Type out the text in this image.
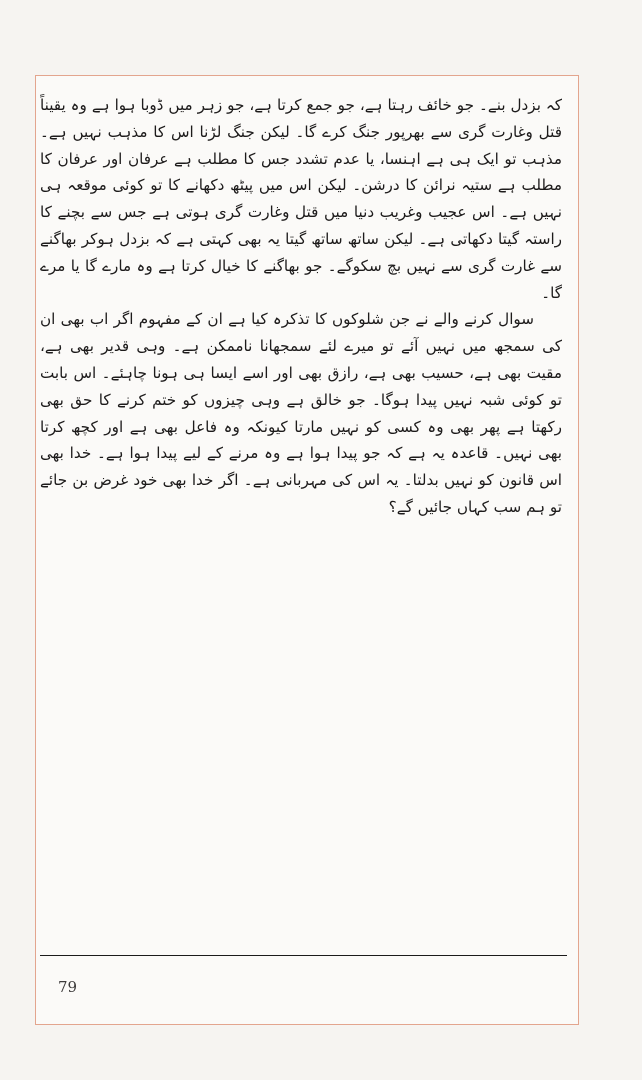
کہ بزدل بنے۔ جو خائف رہتا ہے، جو جمع کرتا ہے، جو زہر میں ڈوبا ہوا ہے وہ یقیناً قتل وغارت گری سے بھرپور جنگ کرے گا۔ لیکن جنگ لڑنا اس کا مذہب نہیں ہے۔ مذہب تو ایک ہی ہے اہنسا، یا عدم تشدد جس کا مطلب ہے عرفان اور عرفان کا مطلب ہے ستیہ نرائن کا درشن۔ لیکن اس میں پیٹھ دکھانے کا تو کوئی موقعہ ہی نہیں ہے۔ اس عجیب وغریب دنیا میں قتل وغارت گری ہوتی ہے جس سے بچنے کا راستہ گیتا دکھاتی ہے۔ لیکن ساتھ ساتھ گیتا یہ بھی کہتی ہے کہ بزدل ہوکر بھاگنے سے غارت گری سے نہیں بچ سکوگے۔ جو بھاگنے کا خیال کرتا ہے وہ مارے گا یا مرے گا۔

سوال کرنے والے نے جن شلوکوں کا تذکرہ کیا ہے ان کے مفہوم اگر اب بھی ان کی سمجھ میں نہیں آئے تو میرے لئے سمجھانا ناممکن ہے۔ وہی قدیر بھی ہے، مقیت بھی ہے، حسیب بھی ہے، رازق بھی اور اسے ایسا ہی ہونا چاہئے۔ اس بابت تو کوئی شبہ نہیں پیدا ہوگا۔ جو خالق ہے وہی چیزوں کو ختم کرنے کا حق بھی رکھتا ہے پھر بھی وہ کسی کو نہیں مارتا کیونکہ وہ فاعل بھی ہے اور کچھ کرتا بھی نہیں۔ قاعدہ یہ ہے کہ جو پیدا ہوا ہے وہ مرنے کے لیے پیدا ہوا ہے۔ خدا بھی اس قانون کو نہیں بدلتا۔ یہ اس کی مہربانی ہے۔ اگر خدا بھی خود غرض بن جائے تو ہم سب کہاں جائیں گے؟

79
